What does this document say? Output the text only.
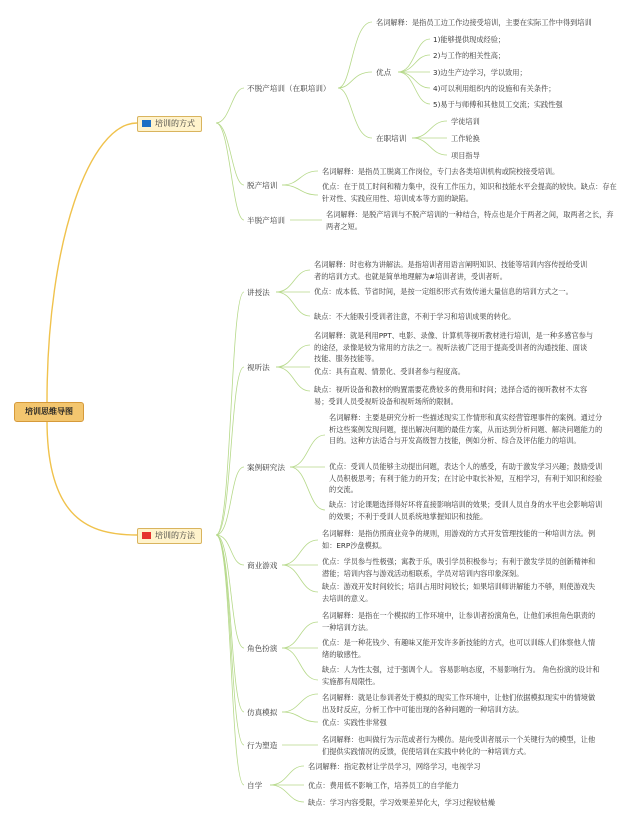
培训思维导图
培训的方式
不脱产培训（在职培训）
名词解释：是指员工边工作边接受培训，主要在实际工作中得到培训
优点
1)能够提供现成经验；
2)与工作的相关性高；
3)边生产边学习，学以致用；
4)可以利用组织内的设施和有关条件；
5)易于与师傅和其他员工交流；实践性强
在职培训
学徒培训
工作轮换
项目指导
脱产培训
名词解释：是指员工脱离工作岗位，专门去各类培训机构或院校接受培训。
优点：在于员工时间和精力集中，没有工作压力，知识和技能水平会提高的较快。缺点：存在针对性、实践应用性、培训成本等方面的缺陷。
半脱产培训
名词解释：是脱产培训与不脱产培训的一种结合，特点也是介于两者之间，取两者之长，弃两者之短。
培训的方法
讲授法
名词解释：时也称为讲解法。是指培训者用语言阐明知识、技能等培训内容传授给受训者的培训方式。也就是简单地理解为#培训者讲，受训者听。
优点：成本低、节省时间，是按一定组织形式有效传递大量信息的培训方式之一。
缺点：不大能吸引受训者注意，不利于学习和培训成果的转化。
视听法
名词解释：就是利用PPT、电影、录像、计算机等视听教材进行培训，是一种多感官参与的途径，录像是较为常用的方法之一。视听法被广泛用于提高受训者的沟通技能、面谈技能、服务技能等。
优点：具有直观、情景化、受训者参与程度高。
缺点：视听设备和教材的购置需要花费较多的费用和时间；选择合适的视听教材不太容易；受训人员受视听设备和视听场所的限制。
案例研究法
名词解释：主要是研究分析一些描述现实工作情形和真实经营管理事件的案例。通过分析这些案例发现问题，提出解决问题的最佳方案，从而达到分析问题、解决问题能力的目的。这种方法适合与开发高级智力技能，例如分析、综合及评估能力的培训。
优点：受训人员能够主动提出问题，表达个人的感受，有助于激发学习兴趣；鼓励受训人员积极思考；有利于能力的开发；在讨论中取长补短，互相学习，有利于知识和经验的交流。
缺点：讨论课题选择得好坏将直接影响培训的效果；受训人员自身的水平也会影响培训的效果；不利于受训人员系统地掌握知识和技能。
商业游戏
名词解释：是指仿照商业竞争的规则，用游戏的方式开发管理技能的一种培训方法。例如：ERP沙盘模拟。
优点：学员参与性极强；寓教于乐，吸引学员积极参与；有利于激发学员的创新精神和潜能；培训内容与游戏活动相联系，学员对培训内容印象深刻。
缺点：游戏开发时间较长；培训占用时间较长；如果培训师讲解能力不够，则使游戏失去培训的意义。
角色扮演
名词解释：是指在一个模拟的工作环境中，让参训者扮演角色，让他们承担角色职责的一种培训方法。
优点：是一种花钱少、有趣味又能开发许多新技能的方式，也可以训练人们体察他人情绪的敏感性。
缺点：人为性太强，过于强调个人。 容易影响态度，不易影响行为。 角色扮演的设计和实施都有局限性。
仿真模拟
名词解释：就是让参训者处于模拟的现实工作环境中，让他们依据模拟现实中的情境做出及时反应，分析工作中可能出现的各种问题的一种培训方法。
优点：实践性非常强
行为塑造
名词解释：也叫做行为示范或者行为模仿。是向受训者展示一个关键行为的模型，让他们提供实践情况的反馈，促使培训在实践中转化的一种培训方式。
自学
名词解释：指定教材让学员学习，网络学习，电视学习
优点：费用低不影响工作，培养员工的自学能力
缺点：学习内容受限，学习效果差异化大，学习过程较枯燥
